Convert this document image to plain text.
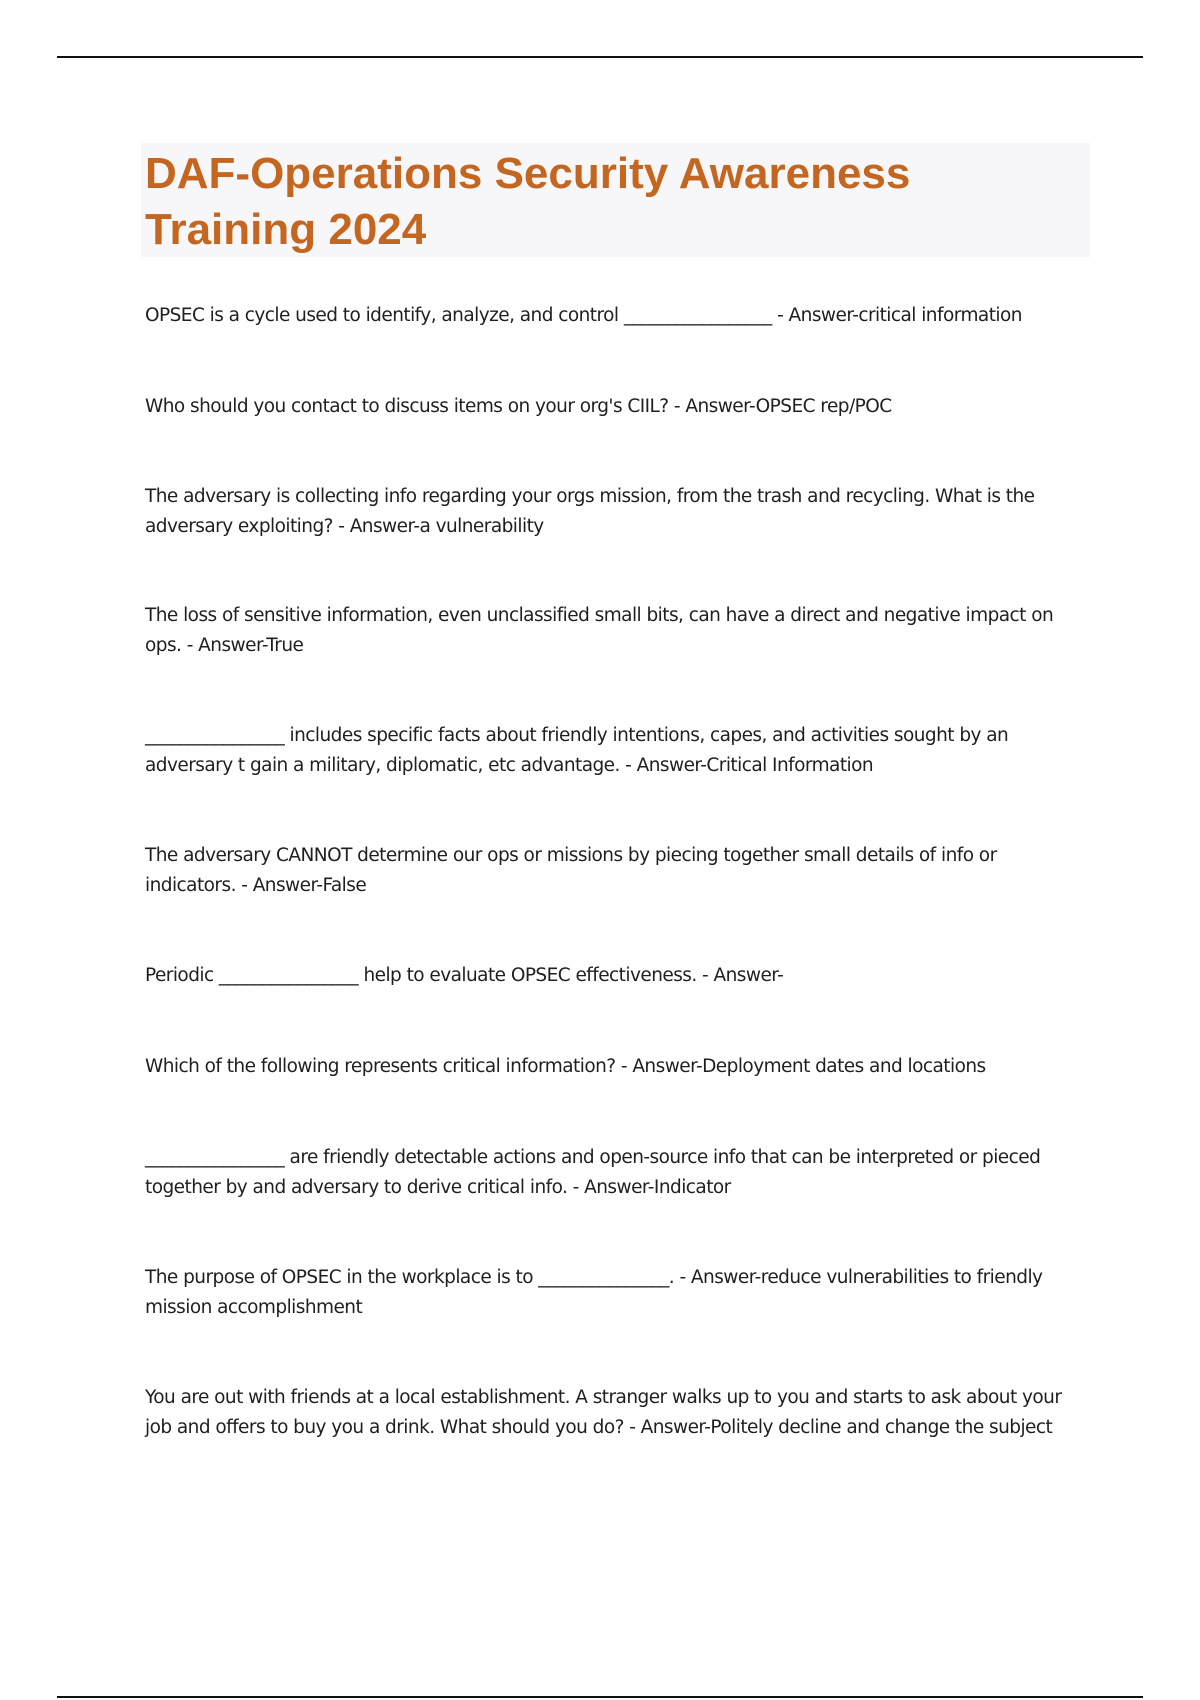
DAF-Operations Security Awareness Training 2024
OPSEC is a cycle used to identify, analyze, and control _________________ - Answer-critical information
Who should you contact to discuss items on your org's CIIL? - Answer-OPSEC rep/POC
The adversary is collecting info regarding your orgs mission, from the trash and recycling. What is the adversary exploiting? - Answer-a vulnerability
The loss of sensitive information, even unclassified small bits, can have a direct and negative impact on ops. - Answer-True
________________ includes specific facts about friendly intentions, capes, and activities sought by an adversary t gain a military, diplomatic, etc advantage. - Answer-Critical Information
The adversary CANNOT determine our ops or missions by piecing together small details of info or indicators. - Answer-False
Periodic ________________ help to evaluate OPSEC effectiveness. - Answer-
Which of the following represents critical information? - Answer-Deployment dates and locations
________________ are friendly detectable actions and open-source info that can be interpreted or pieced together by and adversary to derive critical info. - Answer-Indicator
The purpose of OPSEC in the workplace is to _______________. - Answer-reduce vulnerabilities to friendly mission accomplishment
You are out with friends at a local establishment. A stranger walks up to you and starts to ask about your job and offers to buy you a drink. What should you do? - Answer-Politely decline and change the subject
